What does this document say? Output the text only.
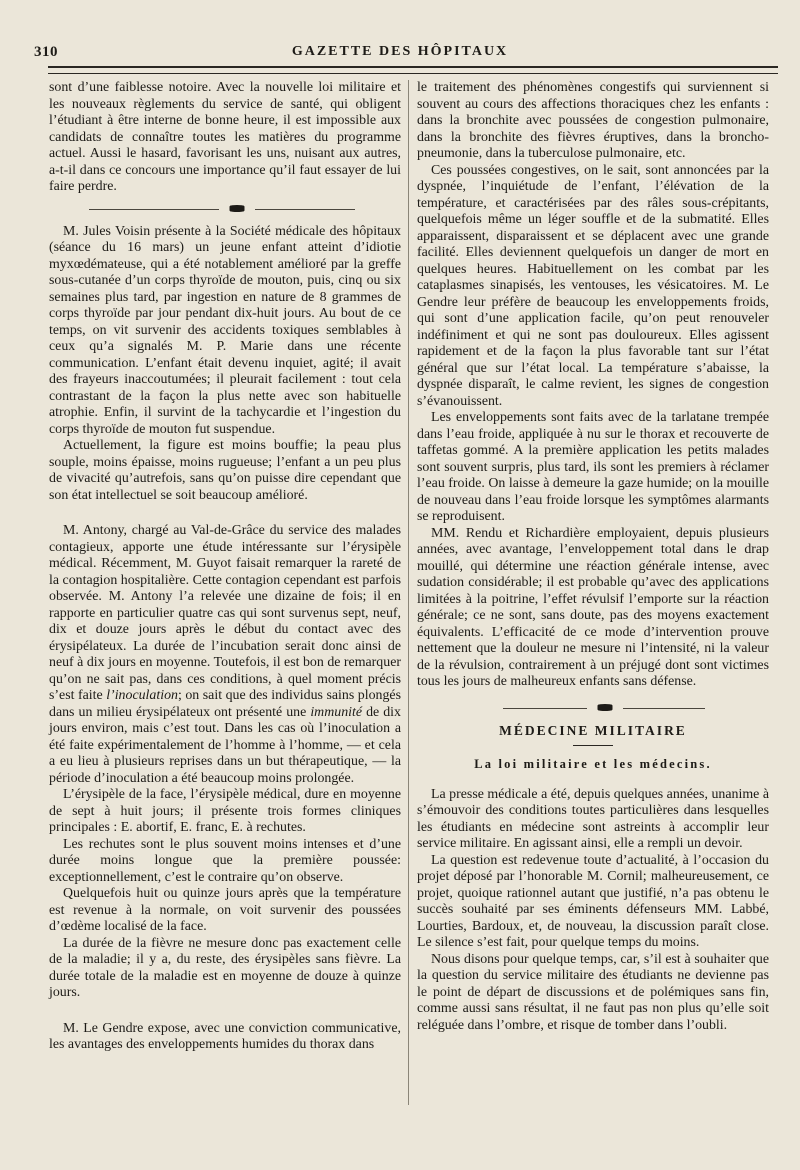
310	GAZETTE DES HÔPITAUX

sont d’une faiblesse notoire. Avec la nouvelle loi militaire et les nouveaux règlements du service de santé, qui obligent l’étudiant à être interne de bonne heure, il est impossible aux candidats de connaître toutes les matières du programme actuel. Aussi le hasard, favorisant les uns, nuisant aux autres, a-t-il dans ce concours une importance qu’il faut essayer de lui faire perdre.

M. Jules Voisin présente à la Société médicale des hôpitaux (séance du 16 mars) un jeune enfant atteint d’idiotie myxœdémateuse, qui a été notablement amélioré par la greffe sous-cutanée d’un corps thyroïde de mouton, puis, cinq ou six semaines plus tard, par ingestion en nature de 8 grammes de corps thyroïde par jour pendant dix-huit jours. Au bout de ce temps, on vit survenir des accidents toxiques semblables à ceux qu’a signalés M. P. Marie dans une récente communication. L’enfant était devenu inquiet, agité; il avait des frayeurs inaccoutumées; il pleurait facilement : tout cela contrastant de la façon la plus nette avec son habituelle atrophie. Enfin, il survint de la tachycardie et l’ingestion du corps thyroïde de mouton fut suspendue.

Actuellement, la figure est moins bouffie; la peau plus souple, moins épaisse, moins rugueuse; l’enfant a un peu plus de vivacité qu’autrefois, sans qu’on puisse dire cependant que son état intellectuel se soit beaucoup amélioré.

M. Antony, chargé au Val-de-Grâce du service des malades contagieux, apporte une étude intéressante sur l’érysipèle médical. Récemment, M. Guyot faisait remarquer la rareté de la contagion hospitalière. Cette contagion cependant est parfois observée. M. Antony l’a relevée une dizaine de fois; il en rapporte en particulier quatre cas qui sont survenus sept, neuf, dix et douze jours après le début du contact avec des érysipélateux. La durée de l’incubation serait donc ainsi de neuf à dix jours en moyenne. Toutefois, il est bon de remarquer qu’on ne sait pas, dans ces conditions, à quel moment précis s’est faite l’inoculation; on sait que des individus sains plongés dans un milieu érysipélateux ont présenté une immunité de dix jours environ, mais c’est tout. Dans les cas où l’inoculation a été faite expérimentalement de l’homme à l’homme, — et cela a eu lieu à plusieurs reprises dans un but thérapeutique, — la période d’inoculation a été beaucoup moins prolongée.

L’érysipèle de la face, l’érysipèle médical, dure en moyenne de sept à huit jours; il présente trois formes cliniques principales : E. abortif, E. franc, E. à rechutes.

Les rechutes sont le plus souvent moins intenses et d’une durée moins longue que la première poussée: exceptionnellement, c’est le contraire qu’on observe.

Quelquefois huit ou quinze jours après que la température est revenue à la normale, on voit survenir des poussées d’œdème localisé de la face.

La durée de la fièvre ne mesure donc pas exactement celle de la maladie; il y a, du reste, des érysipèles sans fièvre. La durée totale de la maladie est en moyenne de douze à quinze jours.

M. Le Gendre expose, avec une conviction communicative, les avantages des enveloppements humides du thorax dans

le traitement des phénomènes congestifs qui surviennent si souvent au cours des affections thoraciques chez les enfants : dans la bronchite avec poussées de congestion pulmonaire, dans la bronchite des fièvres éruptives, dans la broncho-pneumonie, dans la tuberculose pulmonaire, etc.

Ces poussées congestives, on le sait, sont annoncées par la dyspnée, l’inquiétude de l’enfant, l’élévation de la température, et caractérisées par des râles sous-crépitants, quelquefois même un léger souffle et de la submatité. Elles apparaissent, disparaissent et se déplacent avec une grande facilité. Elles deviennent quelquefois un danger de mort en quelques heures. Habituellement on les combat par les cataplasmes sinapisés, les ventouses, les vésicatoires. M. Le Gendre leur préfère de beaucoup les enveloppements froids, qui sont d’une application facile, qu’on peut renouveler indéfiniment et qui ne sont pas douloureux. Elles agissent rapidement et de la façon la plus favorable tant sur l’état général que sur l’état local. La température s’abaisse, la dyspnée disparaît, le calme revient, les signes de congestion s’évanouissent.

Les enveloppements sont faits avec de la tarlatane trempée dans l’eau froide, appliquée à nu sur le thorax et recouverte de taffetas gommé. A la première application les petits malades sont souvent surpris, plus tard, ils sont les premiers à réclamer l’eau froide. On laisse à demeure la gaze humide; on la mouille de nouveau dans l’eau froide lorsque les symptômes alarmants se reproduisent.

MM. Rendu et Richardière employaient, depuis plusieurs années, avec avantage, l’enveloppement total dans le drap mouillé, qui détermine une réaction générale intense, avec sudation considérable; il est probable qu’avec des applications limitées à la poitrine, l’effet révulsif l’emporte sur la réaction générale; ce ne sont, sans doute, pas des moyens exactement équivalents. L’efficacité de ce mode d’intervention prouve nettement que la douleur ne mesure ni l’intensité, ni la valeur de la révulsion, contrairement à un préjugé dont sont victimes tous les jours de malheureux enfants sans défense.

MÉDECINE MILITAIRE
La loi militaire et les médecins.

La presse médicale a été, depuis quelques années, unanime à s’émouvoir des conditions toutes particulières dans lesquelles les étudiants en médecine sont astreints à accomplir leur service militaire. En agissant ainsi, elle a rempli un devoir.

La question est redevenue toute d’actualité, à l’occasion du projet déposé par l’honorable M. Cornil; malheureusement, ce projet, quoique rationnel autant que justifié, n’a pas obtenu le succès souhaité par ses éminents défenseurs MM. Labbé, Lourties, Bardoux, et, de nouveau, la discussion paraît close. Le silence s’est fait, pour quelque temps du moins.

Nous disons pour quelque temps, car, s’il est à souhaiter que la question du service militaire des étudiants ne devienne pas le point de départ de discussions et de polémiques sans fin, comme aussi sans résultat, il ne faut pas non plus qu’elle soit reléguée dans l’ombre, et risque de tomber dans l’oubli.
